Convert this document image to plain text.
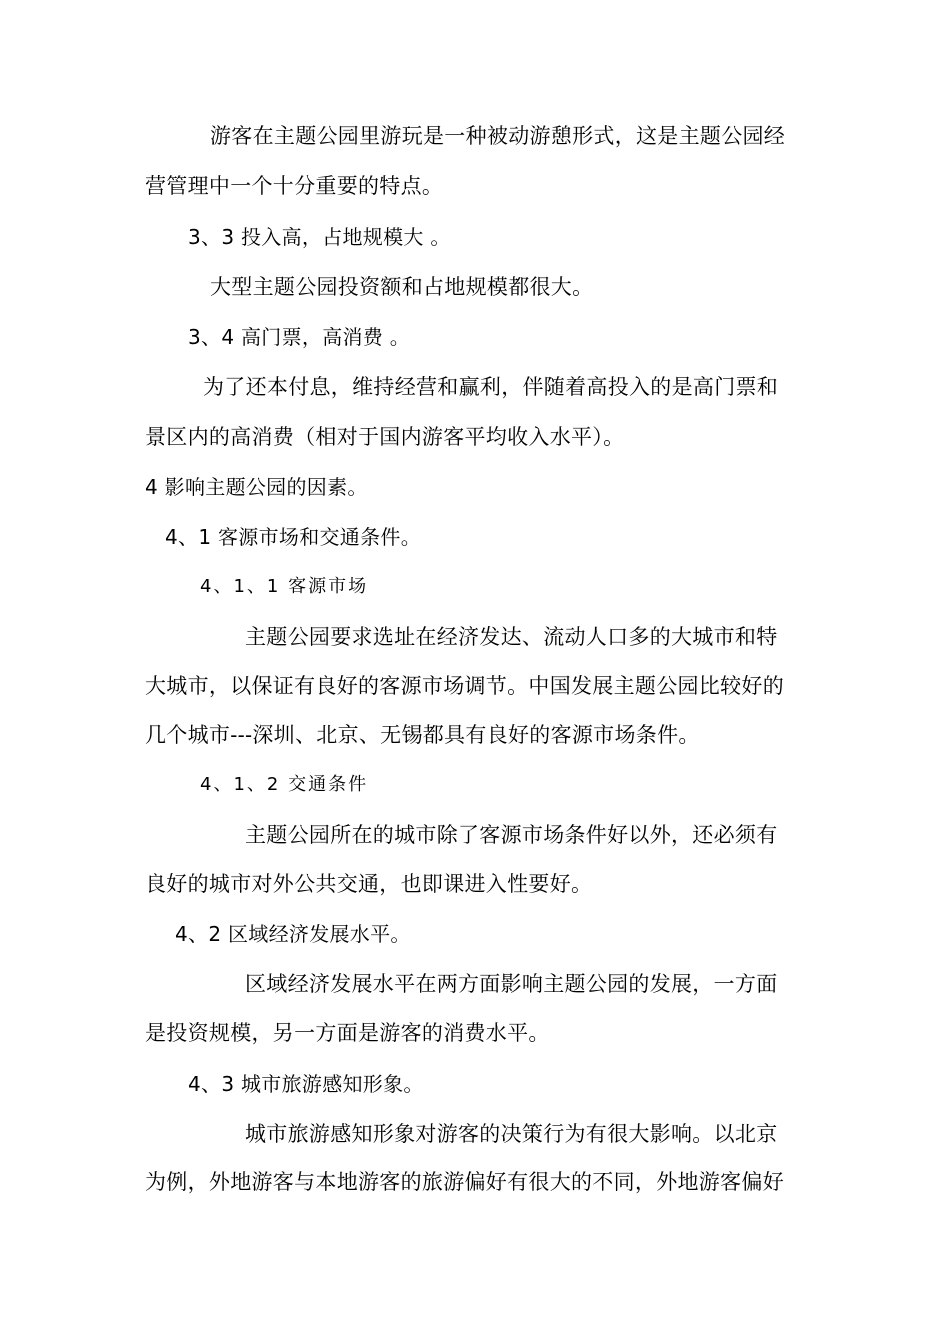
游客在主题公园里游玩是一种被动游憩形式，这是主题公园经
营管理中一个十分重要的特点。
3、3 投入高，占地规模大 。
大型主题公园投资额和占地规模都很大。
3、4 高门票，高消费 。
为了还本付息，维持经营和赢利，伴随着高投入的是高门票和
景区内的高消费（相对于国内游客平均收入水平）。
4 影响主题公园的因素。
4、1 客源市场和交通条件。
4、1、1 客源市场
主题公园要求选址在经济发达、流动人口多的大城市和特
大城市，以保证有良好的客源市场调节。中国发展主题公园比较好的
几个城市---深圳、北京、无锡都具有良好的客源市场条件。
4、1、2 交通条件
主题公园所在的城市除了客源市场条件好以外，还必须有
良好的城市对外公共交通，也即课进入性要好。
4、2 区域经济发展水平。
区域经济发展水平在两方面影响主题公园的发展，一方面
是投资规模，另一方面是游客的消费水平。
4、3 城市旅游感知形象。
城市旅游感知形象对游客的决策行为有很大影响。以北京
为例，外地游客与本地游客的旅游偏好有很大的不同，外地游客偏好
